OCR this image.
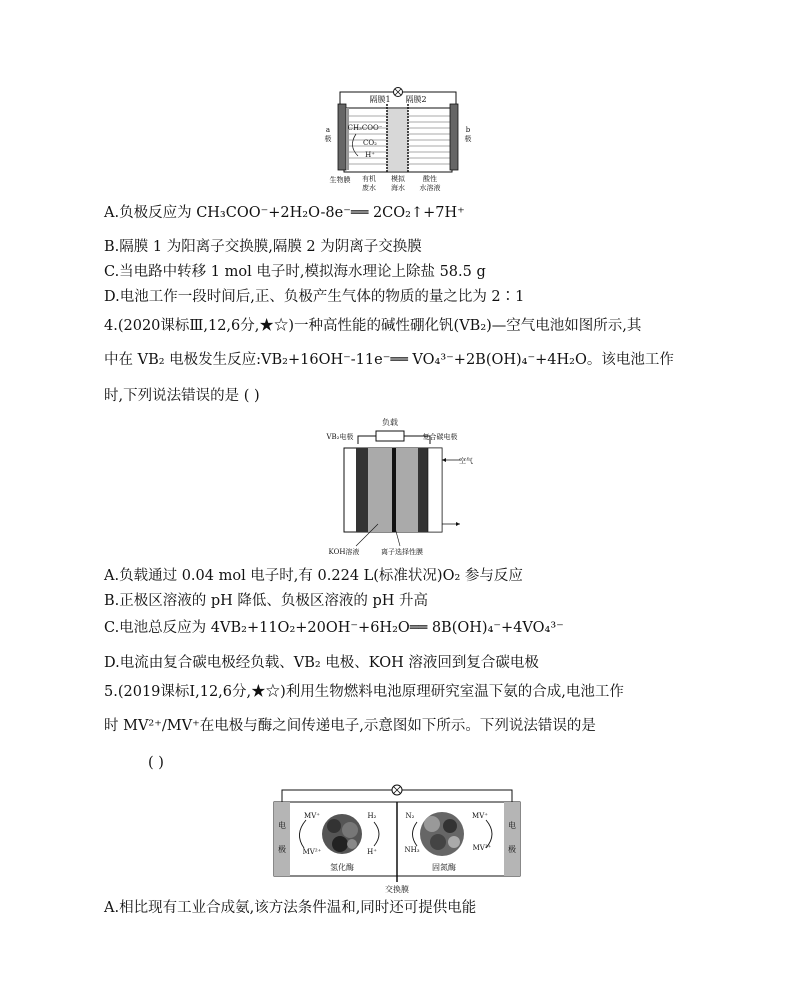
隔膜1 隔膜2
a
极
b
极
CH₃COO⁻
CO₂
H⁺
生物膜 有机
废水
模拟
海水
酸性
水溶液
A.负极反应为 CH₃COO⁻+2H₂O-8e⁻══ 2CO₂↑+7H⁺
B.隔膜 1 为阳离子交换膜,隔膜 2 为阴离子交换膜
C.当电路中转移 1 mol 电子时,模拟海水理论上除盐 58.5 g
D.电池工作一段时间后,正、负极产生气体的物质的量之比为 2∶1
4.(2020课标Ⅲ,12,6分,★☆)一种高性能的碱性硼化钒(VB₂)—空气电池如图所示,其
中在 VB₂ 电极发生反应:VB₂+16OH⁻-11e⁻══ VO₄³⁻+2B(OH)₄⁻+4H₂O。该电池工作
时,下列说法错误的是 ( )
负载
VB₂电极	复合碳电极
空气
KOH溶液	离子选择性膜
A.负载通过 0.04 mol 电子时,有 0.224 L(标准状况)O₂ 参与反应
B.正极区溶液的 pH 降低、负极区溶液的 pH 升高
C.电池总反应为 4VB₂+11O₂+20OH⁻+6H₂O══ 8B(OH)₄⁻+4VO₄³⁻
D.电流由复合碳电极经负载、VB₂ 电极、KOH 溶液回到复合碳电极
5.(2019课标Ⅰ,12,6分,★☆)利用生物燃料电池原理研究室温下氨的合成,电池工作
时 MV²⁺/MV⁺在电极与酶之间传递电子,示意图如下所示。下列说法错误的是
( )
电
极
电
极
MV⁺
MV²⁺
H₂
H⁺
氢化酶
N₂
NH₃
MV⁺
MV²⁺
固氮酶
交换膜
A.相比现有工业合成氨,该方法条件温和,同时还可提供电能
